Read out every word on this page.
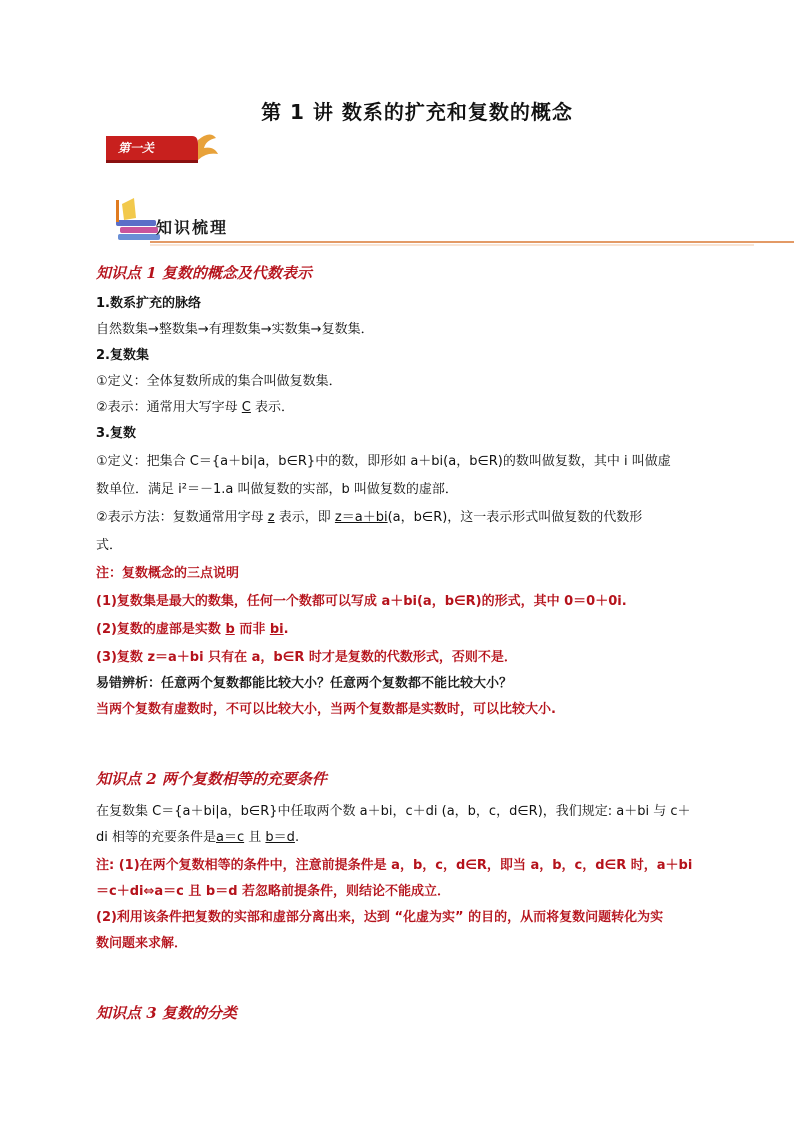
第 1 讲 数系的扩充和复数的概念
第一关
知识梳理
知识点 1 复数的概念及代数表示
1.数系扩充的脉络
自然数集→整数集→有理数集→实数集→复数集．
2.复数集
①定义：全体复数所成的集合叫做复数集．
②表示：通常用大写字母 C 表示．
3.复数
①定义：把集合 C＝{a＋bi|a，b∈R}中的数，即形如 a＋bi(a，b∈R)的数叫做复数，其中 i 叫做虚
数单位．满足 i²＝－1.a 叫做复数的实部，b 叫做复数的虚部．
②表示方法：复数通常用字母 z 表示，即 z＝a＋bi(a，b∈R)，这一表示形式叫做复数的代数形
式．
注：复数概念的三点说明
(1)复数集是最大的数集，任何一个数都可以写成 a＋bi(a，b∈R)的形式，其中 0＝0＋0i.
(2)复数的虚部是实数 b 而非 bi.
(3)复数 z＝a＋bi 只有在 a，b∈R 时才是复数的代数形式，否则不是．
易错辨析：任意两个复数都能比较大小？任意两个复数都不能比较大小？
当两个复数有虚数时，不可以比较大小，当两个复数都是实数时，可以比较大小.
知识点 2 两个复数相等的充要条件
在复数集 C＝{a＋bi|a，b∈R}中任取两个数 a＋bi，c＋di (a，b，c，d∈R)，我们规定: a＋bi 与 c＋
di 相等的充要条件是a＝c 且 b＝d.
注: (1)在两个复数相等的条件中，注意前提条件是 a，b，c，d∈R，即当 a，b，c，d∈R 时，a＋bi
＝c＋di⇔a＝c 且 b＝d 若忽略前提条件，则结论不能成立．
(2)利用该条件把复数的实部和虚部分离出来，达到 “化虚为实” 的目的，从而将复数问题转化为实
数问题来求解．
知识点 3 复数的分类
